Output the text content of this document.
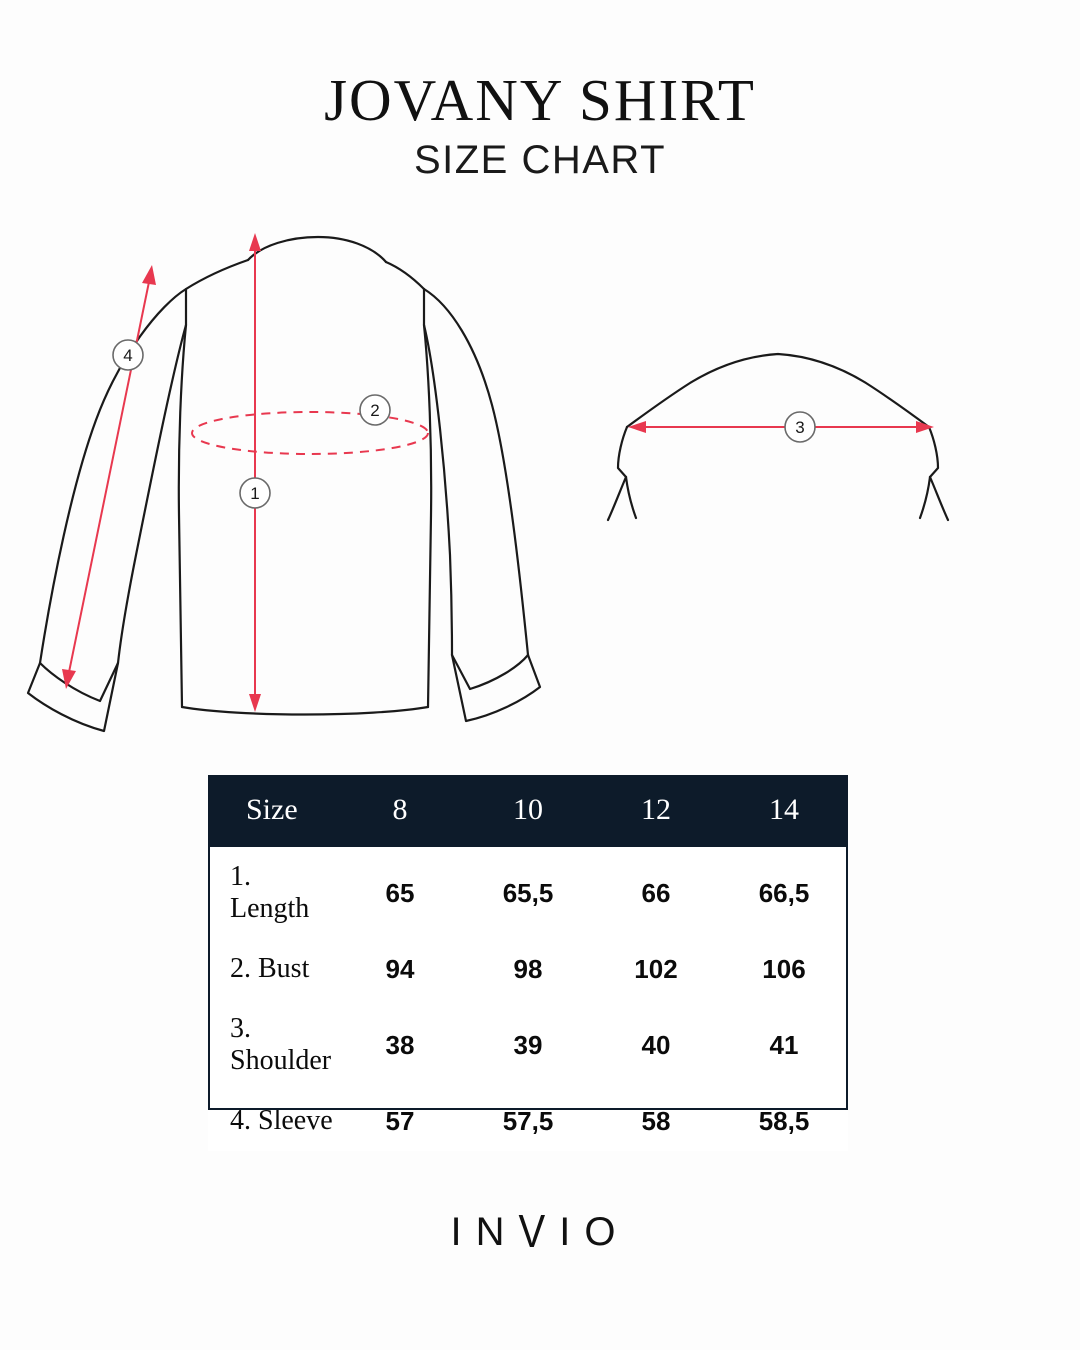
JOVANY SHIRT

SIZE CHART

1
2
4
3
Size	8	10	12	14
1. Length	65	65,5	66	66,5
2. Bust	94	98	102	106
3. Shoulder	38	39	40	41
4. Sleeve	57	57,5	58	58,5
INVIO
